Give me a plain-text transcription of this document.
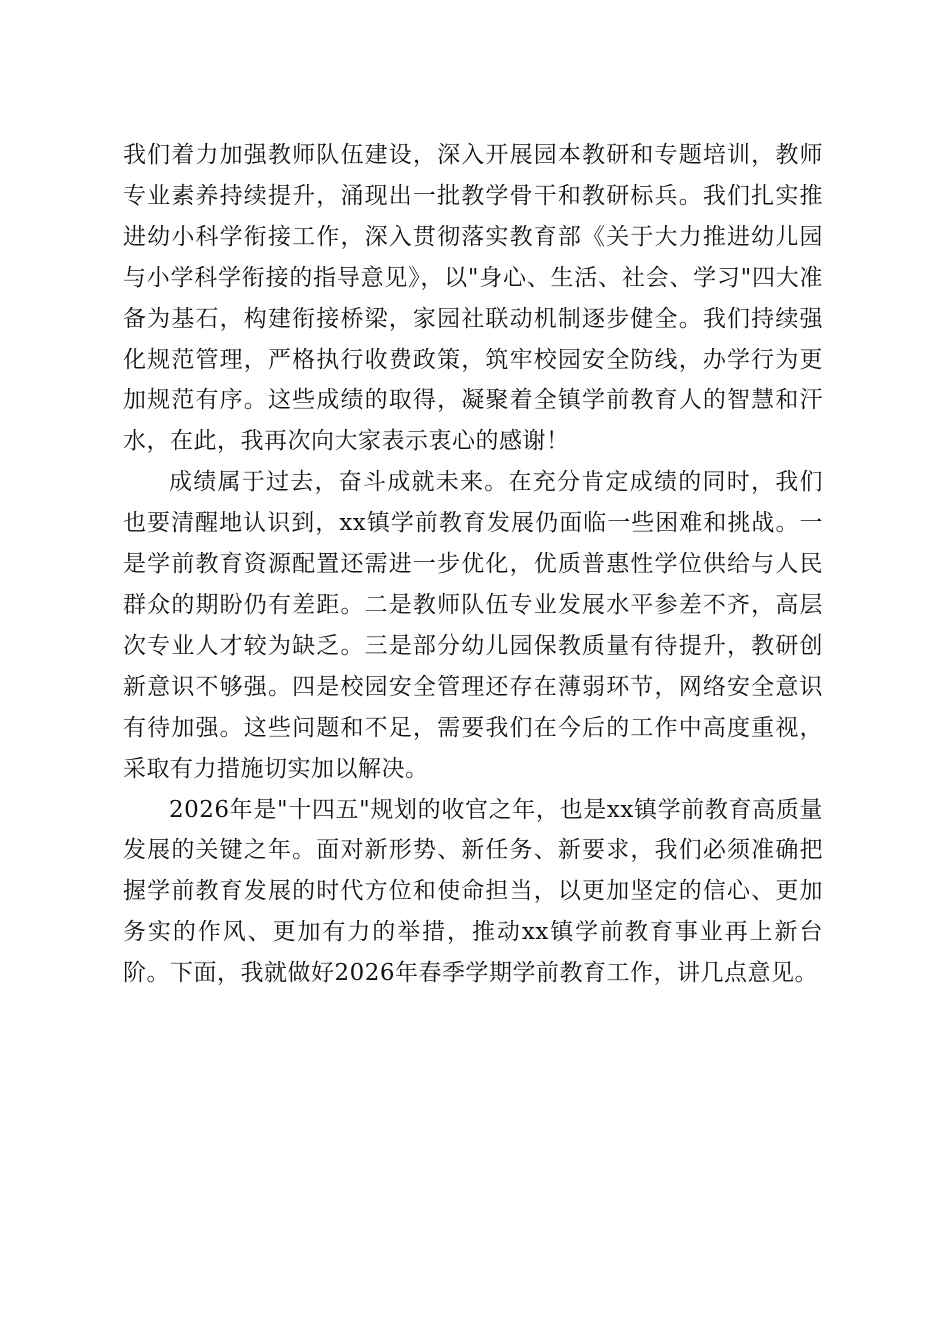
我们着力加强教师队伍建设，深入开展园本教研和专题培训，教师专业素养持续提升，涌现出一批教学骨干和教研标兵。我们扎实推进幼小科学衔接工作，深入贯彻落实教育部《关于大力推进幼儿园与小学科学衔接的指导意见》，以"身心、生活、社会、学习"四大准备为基石，构建衔接桥梁，家园社联动机制逐步健全。我们持续强化规范管理，严格执行收费政策，筑牢校园安全防线，办学行为更加规范有序。这些成绩的取得，凝聚着全镇学前教育人的智慧和汗水，在此，我再次向大家表示衷心的感谢！

成绩属于过去，奋斗成就未来。在充分肯定成绩的同时，我们也要清醒地认识到，xx镇学前教育发展仍面临一些困难和挑战。一是学前教育资源配置还需进一步优化，优质普惠性学位供给与人民群众的期盼仍有差距。二是教师队伍专业发展水平参差不齐，高层次专业人才较为缺乏。三是部分幼儿园保教质量有待提升，教研创新意识不够强。四是校园安全管理还存在薄弱环节，网络安全意识有待加强。这些问题和不足，需要我们在今后的工作中高度重视，采取有力措施切实加以解决。

2026年是"十四五"规划的收官之年，也是xx镇学前教育高质量发展的关键之年。面对新形势、新任务、新要求，我们必须准确把握学前教育发展的时代方位和使命担当，以更加坚定的信心、更加务实的作风、更加有力的举措，推动xx镇学前教育事业再上新台阶。下面，我就做好2026年春季学期学前教育工作，讲几点意见。
